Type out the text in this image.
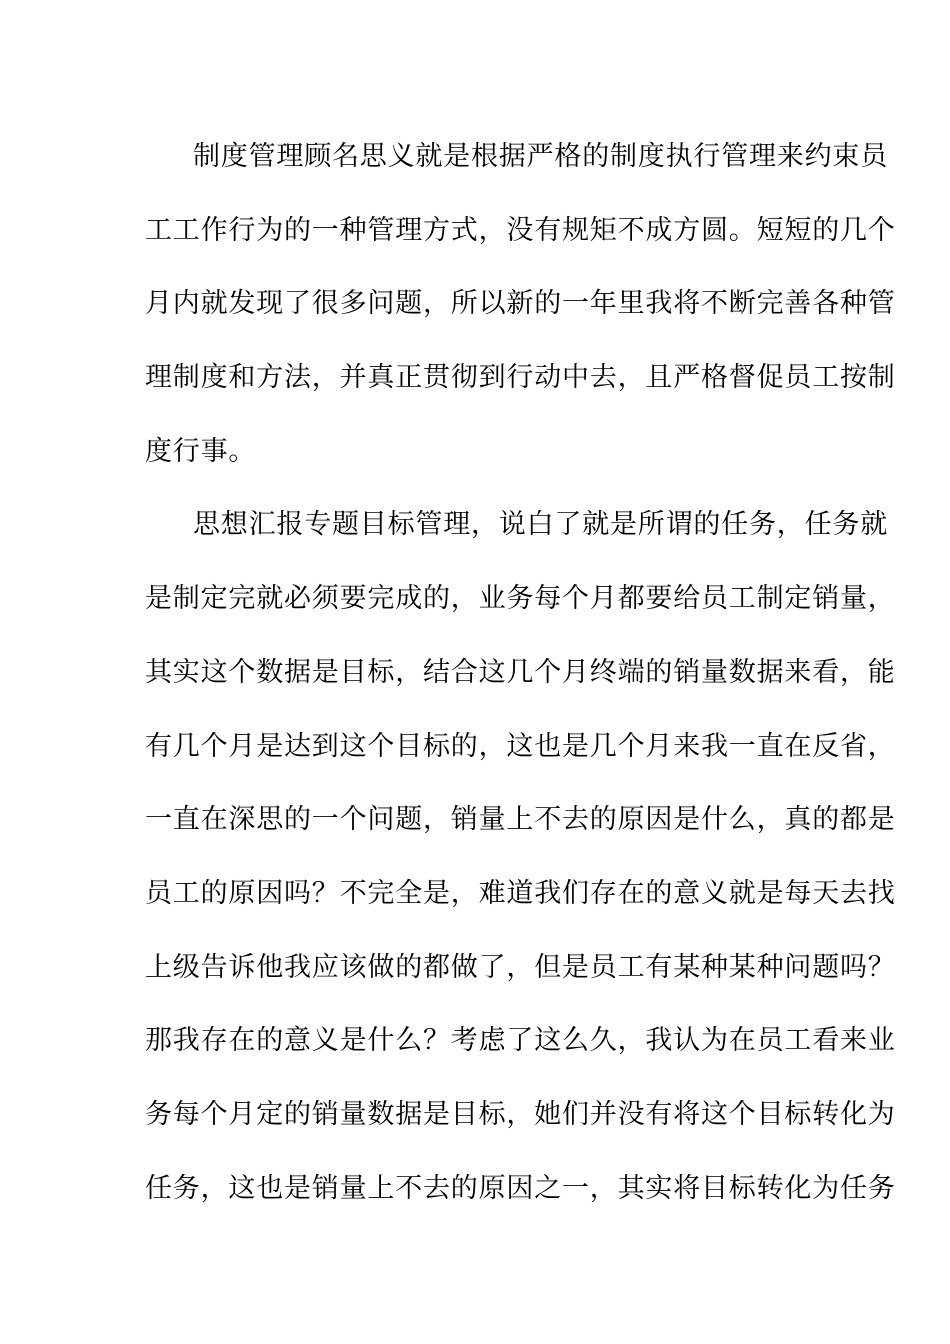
制度管理顾名思义就是根据严格的制度执行管理来约束员
工工作行为的一种管理方式，没有规矩不成方圆。短短的几个
月内就发现了很多问题，所以新的一年里我将不断完善各种管
理制度和方法，并真正贯彻到行动中去，且严格督促员工按制
度行事。
思想汇报专题目标管理，说白了就是所谓的任务，任务就
是制定完就必须要完成的，业务每个月都要给员工制定销量，
其实这个数据是目标，结合这几个月终端的销量数据来看，能
有几个月是达到这个目标的，这也是几个月来我一直在反省，
一直在深思的一个问题，销量上不去的原因是什么，真的都是
员工的原因吗？不完全是，难道我们存在的意义就是每天去找
上级告诉他我应该做的都做了，但是员工有某种某种问题吗？
那我存在的意义是什么？考虑了这么久，我认为在员工看来业
务每个月定的销量数据是目标，她们并没有将这个目标转化为
任务，这也是销量上不去的原因之一，其实将目标转化为任务
